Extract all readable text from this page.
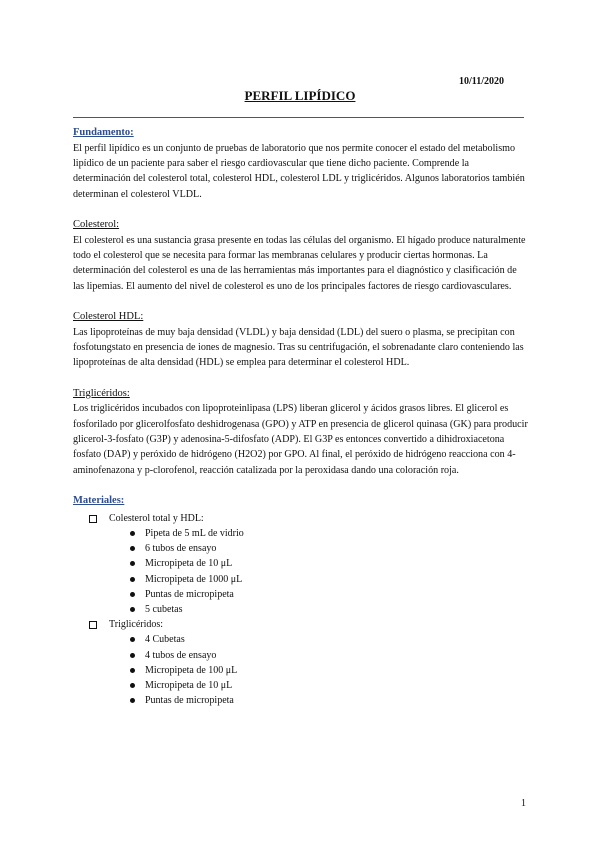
10/11/2020
PERFIL LIPÍDICO

Fundamento:

El perfil lipídico es un conjunto de pruebas de laboratorio que nos permite conocer el estado del metabolismo lipídico de un paciente para saber el riesgo cardiovascular que tiene dicho paciente. Comprende la determinación del colesterol total, colesterol HDL, colesterol LDL y triglicéridos. Algunos laboratorios también determinan el colesterol VLDL.

Colesterol:

El colesterol es una sustancia grasa presente en todas las células del organismo. El hígado produce naturalmente todo el colesterol que se necesita para formar las membranas celulares y producir ciertas hormonas. La determinación del colesterol es una de las herramientas más importantes para el diagnóstico y clasificación de las lipemias. El aumento del nivel de colesterol es uno de los principales factores de riesgo cardiovasculares.

Colesterol HDL:

Las lipoproteínas de muy baja densidad (VLDL) y baja densidad (LDL) del suero o plasma, se precipitan con fosfotungstato en presencia de iones de magnesio. Tras su centrifugación, el sobrenadante claro conteniendo las lipoproteínas de alta densidad (HDL) se emplea para determinar el colesterol HDL.

Triglicéridos:

Los triglicéridos incubados con lipoproteinlipasa (LPS) liberan glicerol y ácidos grasos libres. El glicerol es fosforilado por glicerolfosfato deshidrogenasa (GPO) y ATP en presencia de glicerol quinasa (GK) para producir glicerol-3-fosfato (G3P) y adenosina-5-difosfato (ADP). El G3P es entonces convertido a dihidroxiacetona fosfato (DAP) y peróxido de hidrógeno (H2O2) por GPO. Al final, el peróxido de hidrógeno reacciona con 4-aminofenazona y p-clorofenol, reacción catalizada por la peroxidasa dando una coloración roja.

Materiales:

Colesterol total y HDL:
Pipeta de 5 mL de vidrio
6 tubos de ensayo
Micropipeta de 10 μL
Micropipeta de 1000 μL
Puntas de micropipeta
5 cubetas
Triglicéridos:
4 Cubetas
4 tubos de ensayo
Micropipeta de 100 μL
Micropipeta de 10 μL
Puntas de micropipeta
1
